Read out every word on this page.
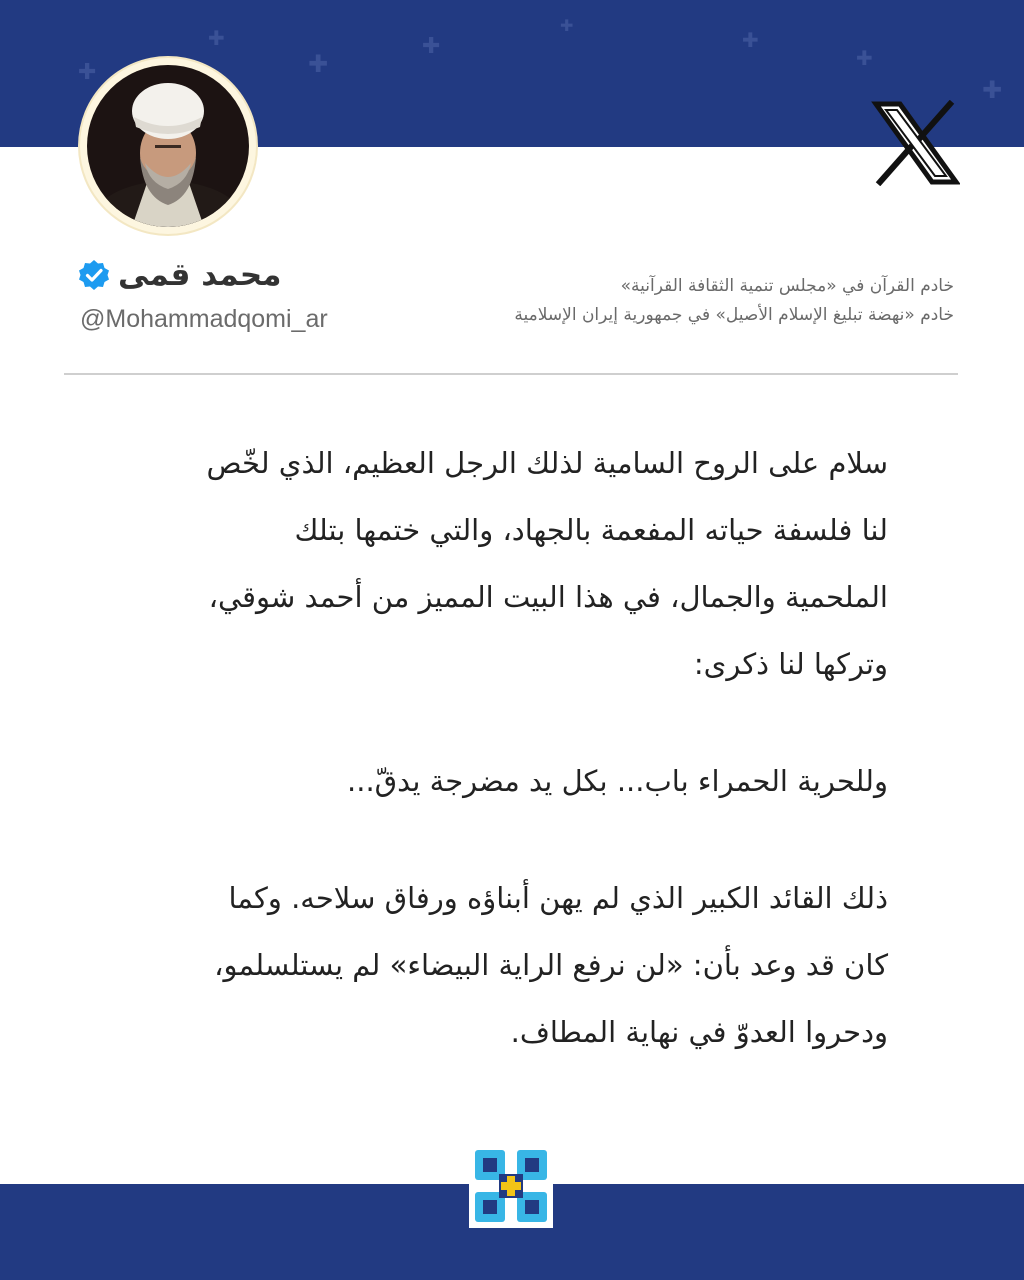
✚
✚
✚
✚	✚
✚
✚
✚
محمد قمی
@Mohammadqomi_ar
خادم القرآن في «مجلس تنمية الثقافة القرآنية»
خادم «نهضة تبليغ الإسلام الأصيل» في جمهورية إيران الإسلامية
سلام على الروح السامية لذلك الرجل العظيم، الذي لخّص
لنا فلسفة حياته المفعمة بالجهاد، والتي ختمها بتلك
الملحمية والجمال، في هذا البيت المميز من أحمد شوقي،
وتركها لنا ذكرى:
وللحرية الحمراء باب... بكل يد مضرجة يدقّ...
ذلك القائد الكبير الذي لم يهن أبناؤه ورفاق سلاحه. وكما
كان قد وعد بأن: «لن نرفع الراية البيضاء» لم يستلسلمو،
ودحروا العدوّ في نهاية المطاف.
